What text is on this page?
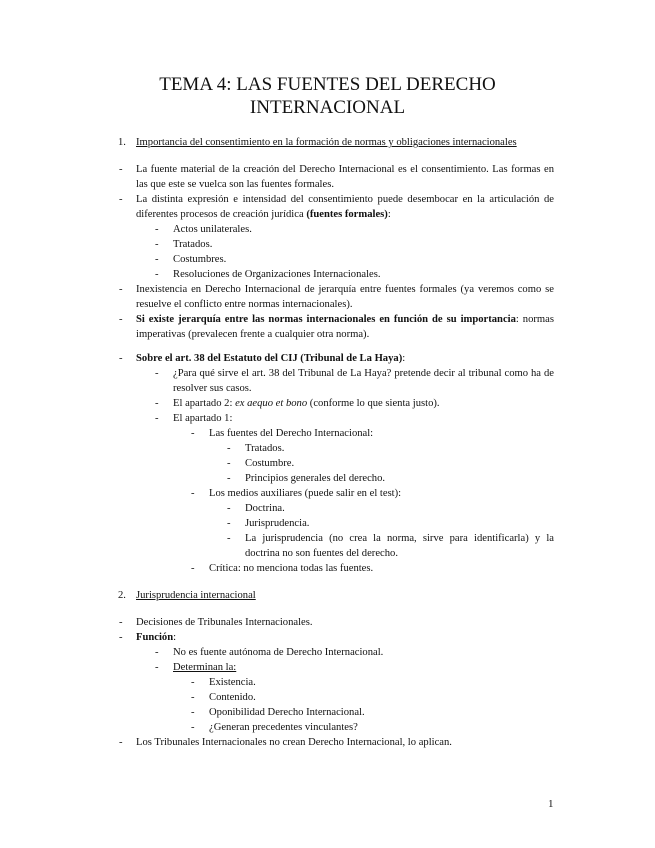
TEMA 4: LAS FUENTES DEL DERECHO
INTERNACIONAL
1. Importancia del consentimiento en la formación de normas y obligaciones internacionales
- La fuente material de la creación del Derecho Internacional es el consentimiento. Las formas en las que este se vuelca son las fuentes formales.
- La distinta expresión e intensidad del consentimiento puede desembocar en la articulación de diferentes procesos de creación jurídica (fuentes formales):
- Actos unilaterales.
- Tratados.
- Costumbres.
- Resoluciones de Organizaciones Internacionales.
- Inexistencia en Derecho Internacional de jerarquía entre fuentes formales (ya veremos como se resuelve el conflicto entre normas internacionales).
- Si existe jerarquía entre las normas internacionales en función de su importancia: normas imperativas (prevalecen frente a cualquier otra norma).
- Sobre el art. 38 del Estatuto del CIJ (Tribunal de La Haya):
- ¿Para qué sirve el art. 38 del Tribunal de La Haya? pretende decir al tribunal como ha de resolver sus casos.
- El apartado 2: ex aequo et bono (conforme lo que sienta justo).
- El apartado 1:
- Las fuentes del Derecho Internacional:
- Tratados.
- Costumbre.
- Principios generales del derecho.
- Los medios auxiliares (puede salir en el test):
- Doctrina.
- Jurisprudencia.
- La jurisprudencia (no crea la norma, sirve para identificarla) y la doctrina no son fuentes del derecho.
- Crítica: no menciona todas las fuentes.
2. Jurisprudencia internacional
- Decisiones de Tribunales Internacionales.
- Función:
- No es fuente autónoma de Derecho Internacional.
- Determinan la:
- Existencia.
- Contenido.
- Oponibilidad Derecho Internacional.
- ¿Generan precedentes vinculantes?
- Los Tribunales Internacionales no crean Derecho Internacional, lo aplican.
1
